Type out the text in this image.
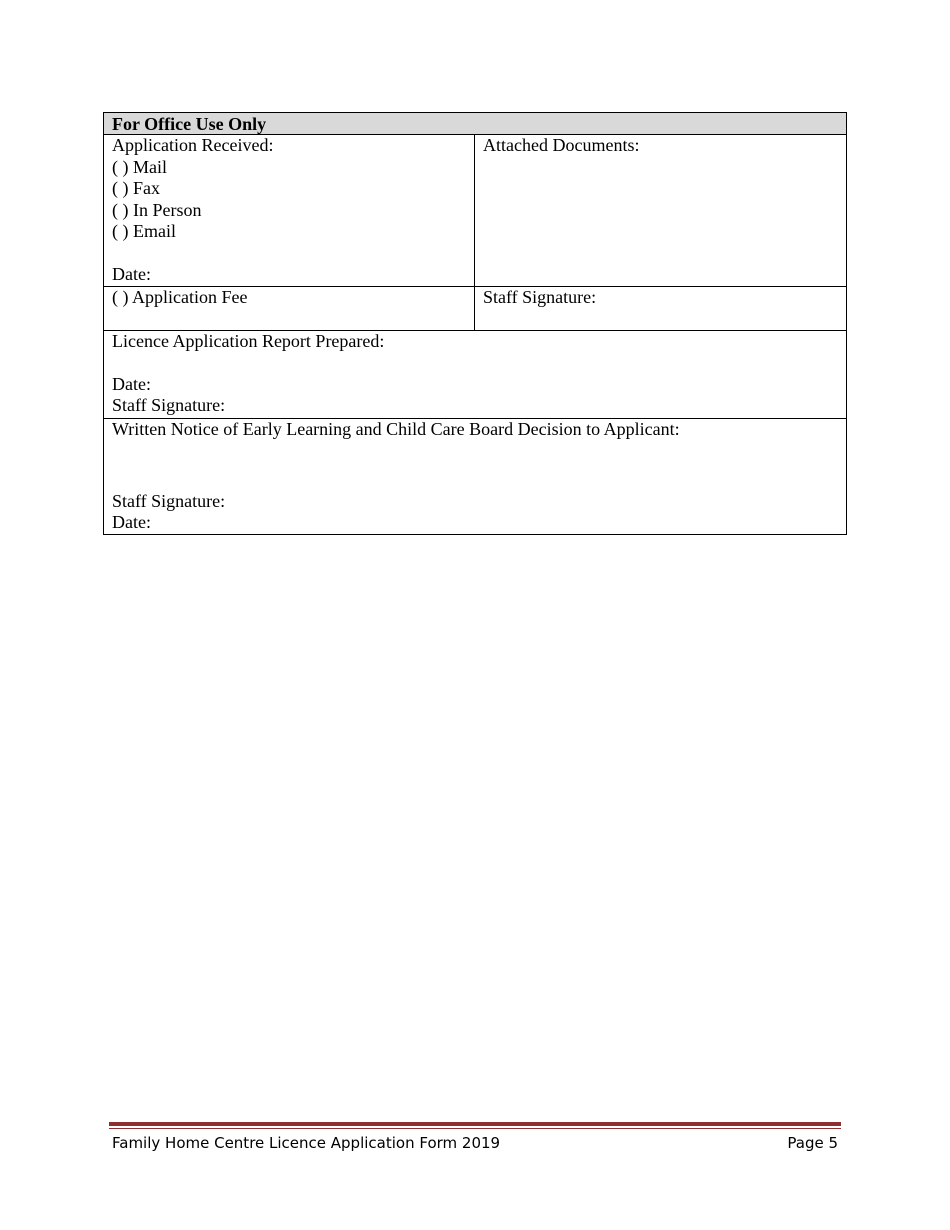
For Office Use Only
Application Received:
( ) Mail
( ) Fax
( ) In Person
( ) Email
Date:
Attached Documents:
( ) Application Fee	Staff Signature:
Licence Application Report Prepared:
Date:
Staff Signature:
Written Notice of Early Learning and Child Care Board Decision to Applicant:
Staff Signature:
Date:
Family Home Centre Licence Application Form 2019	Page 5
